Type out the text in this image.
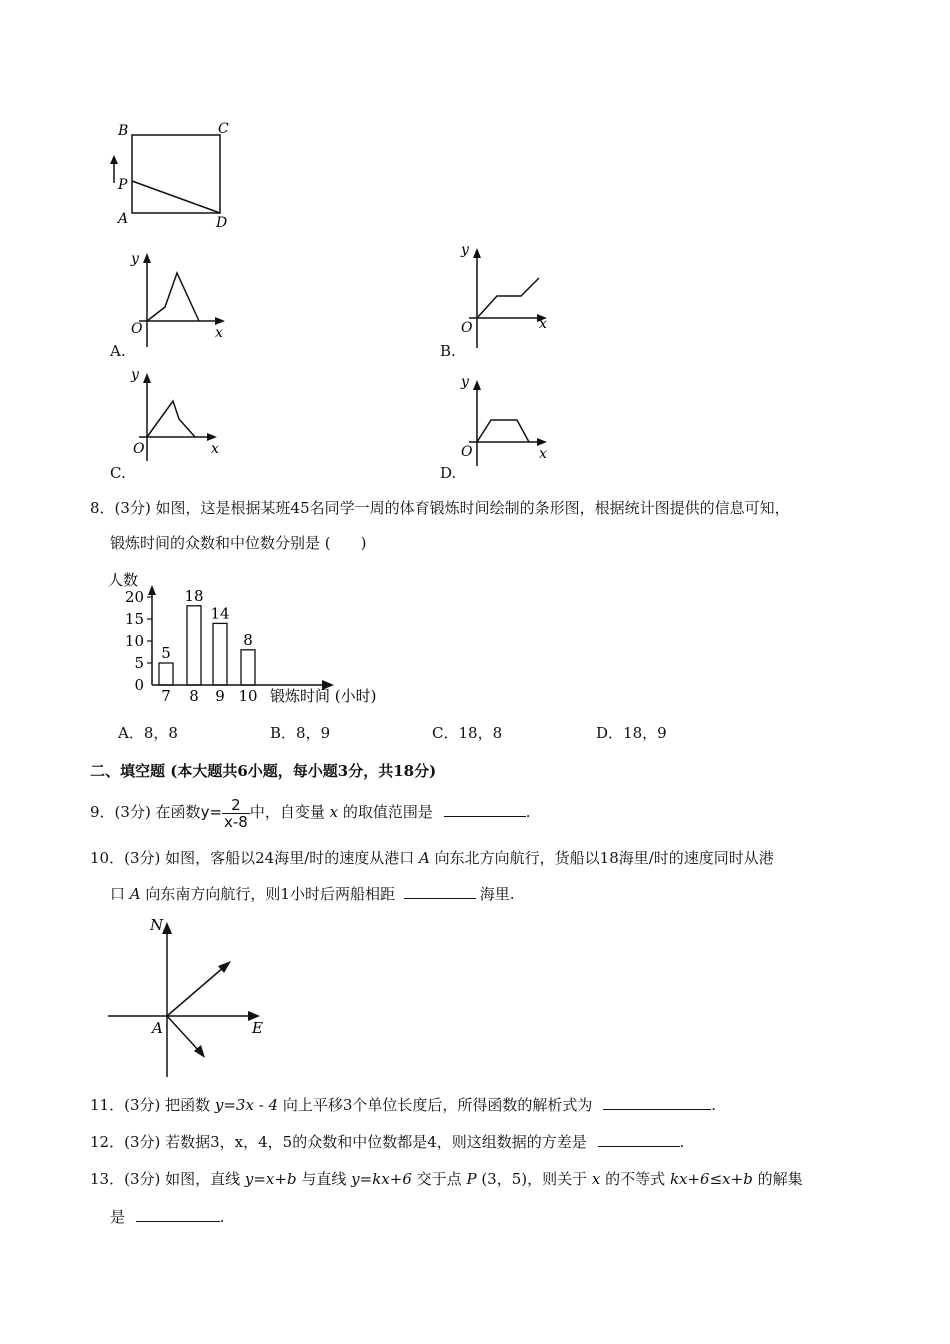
B	C
P
A	D
y
O	x
A.
y
O	x
B.
y
O	x
C.
y
O	x
D.
8．(3分) 如图，这是根据某班45名同学一周的体育锻炼时间绘制的条形图，根据统计图提供的信息可知，
锻炼时间的众数和中位数分别是 (　　)
人数
0
5
10
15
20
5
7
18
8
14
9
8
10 锻炼时间 (小时)
A．8，8	B．8，9	C．18，8	D．18，9
二、填空题 (本大题共6小题，每小题3分，共18分)
9．(3分) 在函数$y= \frac{2}{x-8}$ 中，自变量 x 的取值范围是	.
10．(3分) 如图，客船以24海里/时的速度从港口 A 向东北方向航行，货船以18海里/时的速度同时从港
口 A 向东南方向航行，则1小时后两船相距	海里.
N
E
A
11．(3分) 把函数 y=3x - 4 向上平移3个单位长度后，所得函数的解析式为	.
12．(3分) 若数据3，x，4，5的众数和中位数都是4，则这组数据的方差是	.
13．(3分) 如图，直线 y=x+b 与直线 y=kx+6 交于点 P (3，5)，则关于 x 的不等式 kx+6≤x+b 的解集
是	.
